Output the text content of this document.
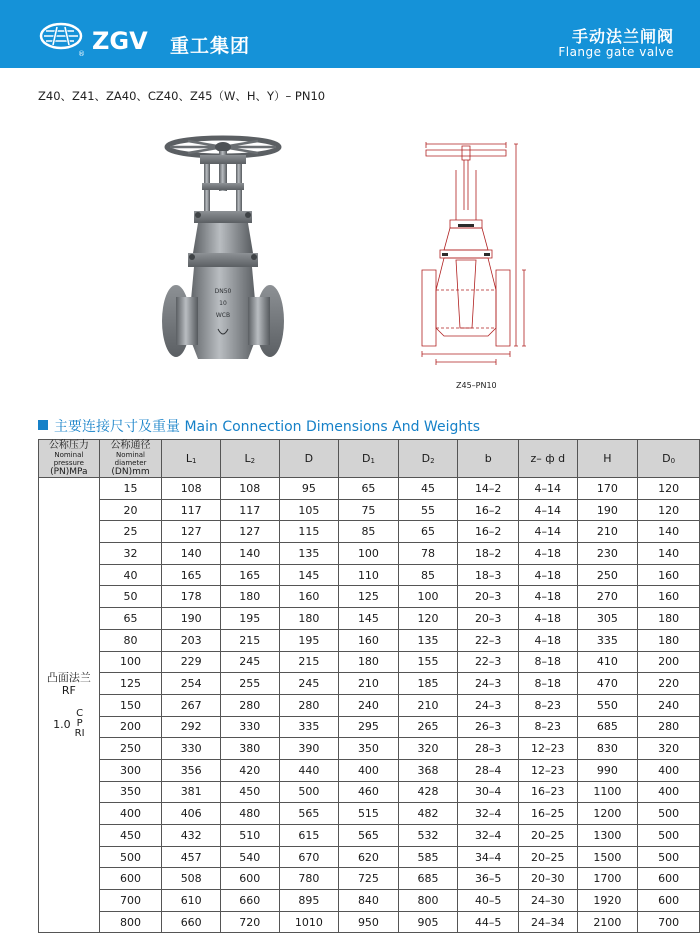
® ZGV 重工集团	手动法兰闸阀
Flange gate valve
Z40、Z41、ZA40、CZ40、Z45（W、H、Y）– PN10
DN50
10
WCB
Z45–PN10
主要连接尺寸及重量 Main Connection Dimensions And Weights
公称压力
Nominal pressure
(PN)MPa	公称通径
Nominal diameter
(DN)mm	$L_1$	$L_2$	D	$D_1$	$D_2$	b	z– ф d	H	$D_0$

凸面法兰
RF
1.0CPRI	15	108	108	95	65	45	14–2	4–14	170	120
	20	117	117	105	75	55	16–2	4–14	190	120
	25	127	127	115	85	65	16–2	4–14	210	140
	32	140	140	135	100	78	18–2	4–18	230	140
	40	165	165	145	110	85	18–3	4–18	250	160
	50	178	180	160	125	100	20–3	4–18	270	160
	65	190	195	180	145	120	20–3	4–18	305	180
	80	203	215	195	160	135	22–3	4–18	335	180
	100	229	245	215	180	155	22–3	8–18	410	200
	125	254	255	245	210	185	24–3	8–18	470	220
	150	267	280	280	240	210	24–3	8–23	550	240
	200	292	330	335	295	265	26–3	8–23	685	280
	250	330	380	390	350	320	28–3	12–23	830	320
	300	356	420	440	400	368	28–4	12–23	990	400
	350	381	450	500	460	428	30–4	16–23	1100	400
	400	406	480	565	515	482	32–4	16–25	1200	500
	450	432	510	615	565	532	32–4	20–25	1300	500
	500	457	540	670	620	585	34–4	20–25	1500	500
	600	508	600	780	725	685	36–5	20–30	1700	600
	700	610	660	895	840	800	40–5	24–30	1920	600
	800	660	720	1010	950	905	44–5	24–34	2100	700
